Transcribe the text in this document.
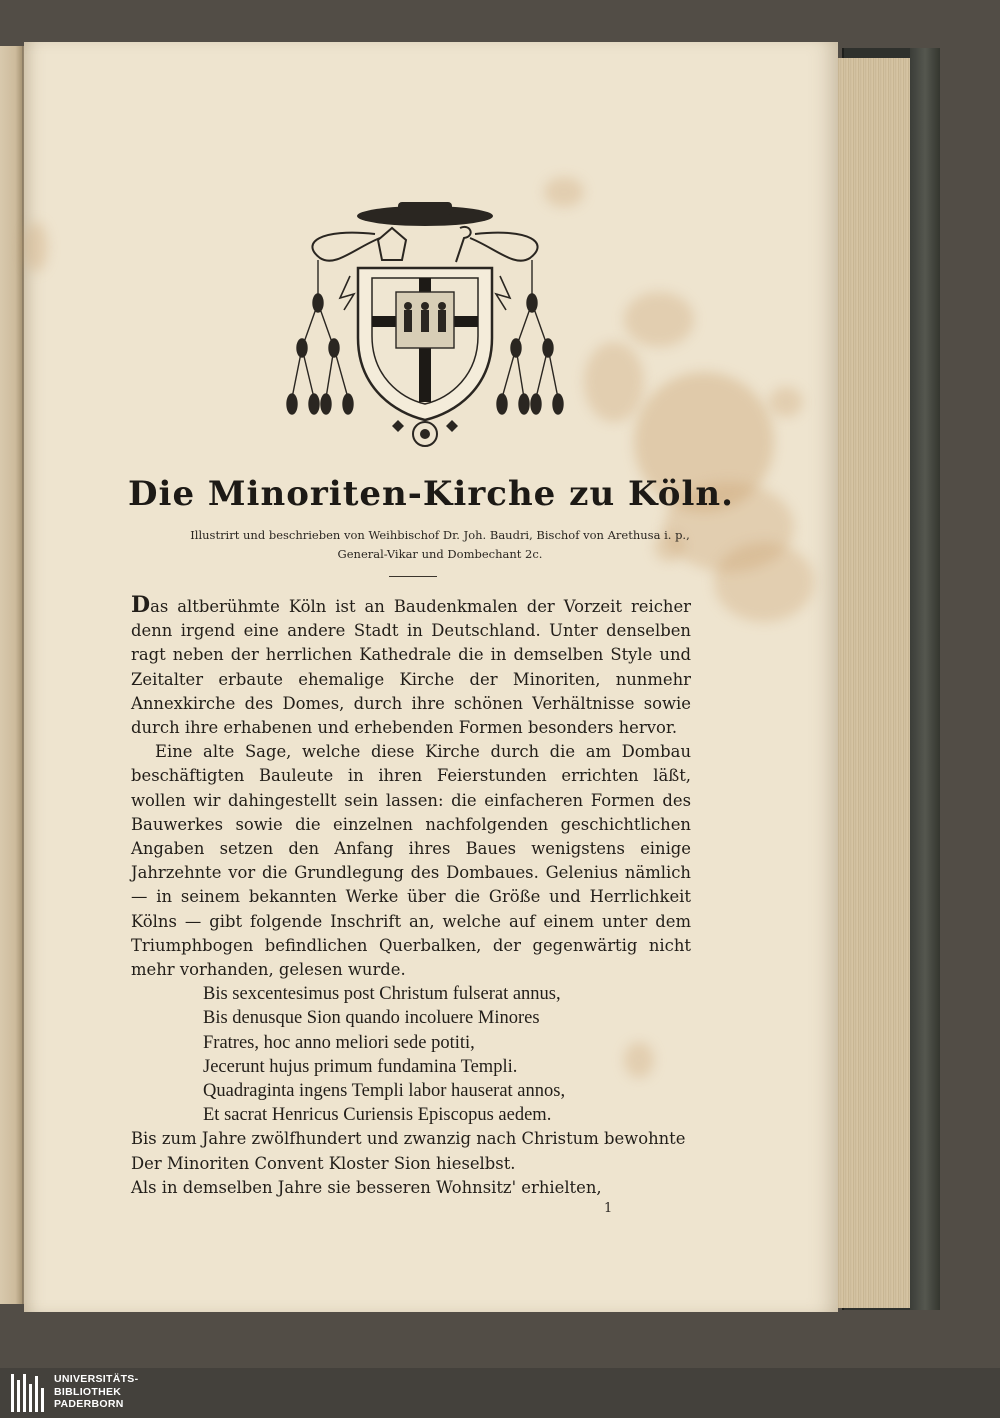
Die Minoriten-Kirche zu Köln.
Illustrirt und beschrieben von Weihbischof Dr. Joh. Baudri, Bischof von Arethusa i. p.,
General-Vikar und Dombechant 2c.

Das altberühmte Köln ist an Baudenkmalen der Vorzeit reicher denn irgend eine andere Stadt in Deutschland. Unter denselben ragt neben der herrlichen Kathedrale die in demselben Style und Zeitalter erbaute ehemalige Kirche der Minoriten, nunmehr Annexkirche des Domes, durch ihre schönen Verhältnisse sowie durch ihre erhabenen und erhebenden Formen besonders hervor.

Eine alte Sage, welche diese Kirche durch die am Dombau beschäftigten Bauleute in ihren Feierstunden errichten läßt, wollen wir dahingestellt sein lassen: die einfacheren Formen des Bauwerkes sowie die einzelnen nachfolgenden geschichtlichen Angaben setzen den Anfang ihres Baues wenigstens einige Jahrzehnte vor die Grundlegung des Dombaues. Gelenius nämlich — in seinem bekannten Werke über die Größe und Herrlichkeit Kölns — gibt folgende Inschrift an, welche auf einem unter dem Triumphbogen befindlichen Querbalken, der gegenwärtig nicht mehr vorhanden, gelesen wurde.

Bis sexcentesimus post Christum fulserat annus,
Bis denusque Sion quando incoluere Minores
Fratres, hoc anno meliori sede potiti,
Jecerunt hujus primum fundamina Templi.
Quadraginta ingens Templi labor hauserat annos,
Et sacrat Henricus Curiensis Episcopus aedem.
Bis zum Jahre zwölfhundert und zwanzig nach Christum bewohnte
Der Minoriten Convent Kloster Sion hieselbst.
Als in demselben Jahre sie besseren Wohnsitz' erhielten,
1
UNIVERSITÄTS-
BIBLIOTHEK
PADERBORN
